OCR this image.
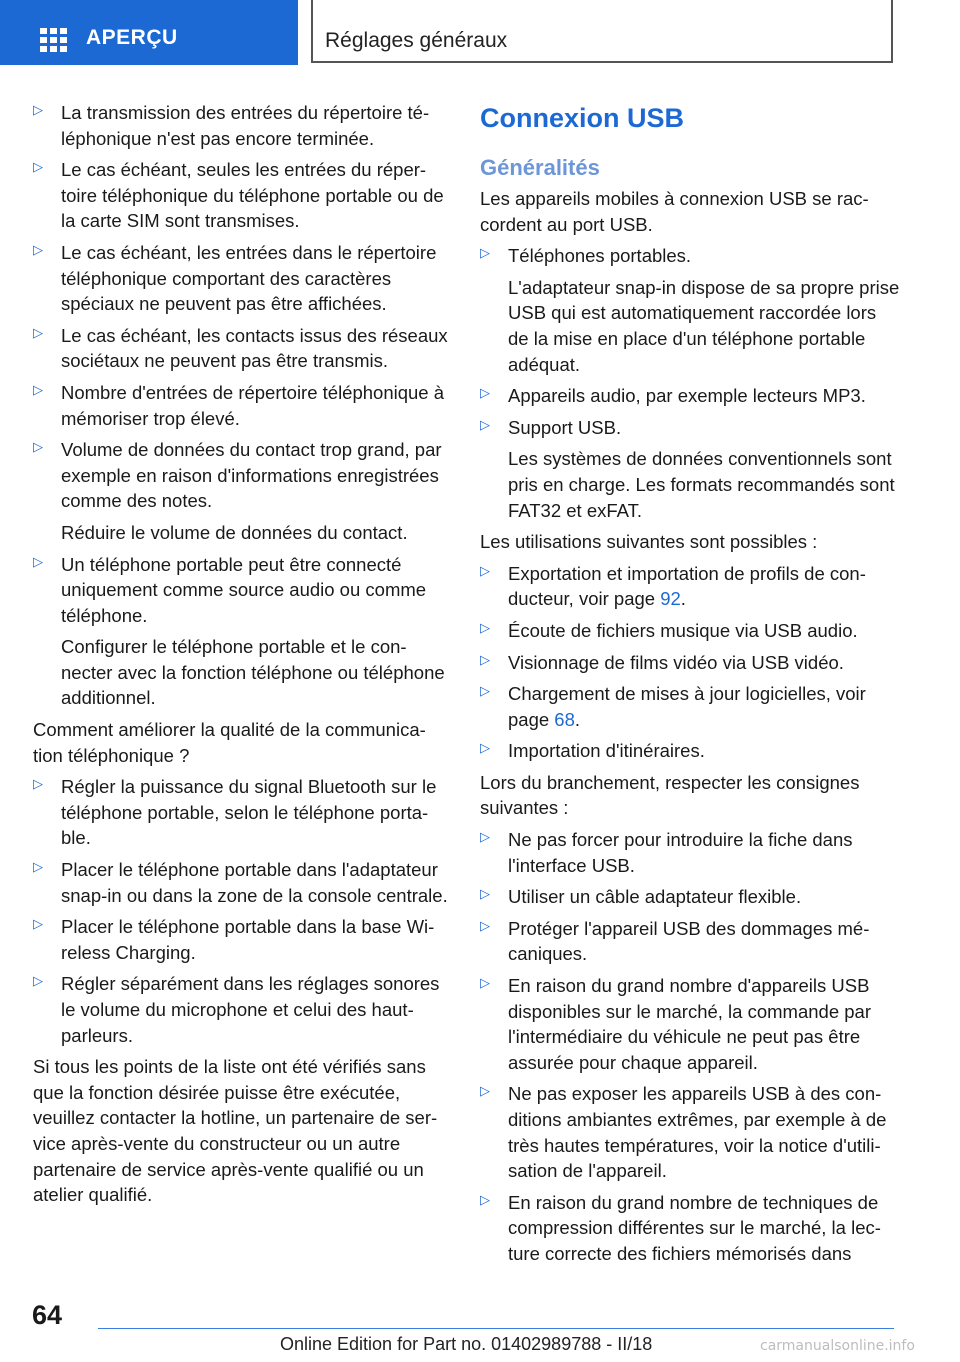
APERÇU	Réglages généraux
▷ La transmission des entrées du répertoire téléphonique n'est pas encore terminée.
▷ Le cas échéant, seules les entrées du répertoire téléphonique du téléphone portable ou de la carte SIM sont transmises.
▷ Le cas échéant, les entrées dans le répertoire téléphonique comportant des caractères spéciaux ne peuvent pas être affichées.
▷ Le cas échéant, les contacts issus des réseaux sociétaux ne peuvent pas être transmis.
▷ Nombre d'entrées de répertoire téléphonique à mémoriser trop élevé.
▷ Volume de données du contact trop grand, par exemple en raison d'informations enregistrées comme des notes.
Réduire le volume de données du contact.
▷ Un téléphone portable peut être connecté uniquement comme source audio ou comme téléphone.
Configurer le téléphone portable et le connecter avec la fonction téléphone ou téléphone additionnel.
Comment améliorer la qualité de la communication téléphonique ?
▷ Régler la puissance du signal Bluetooth sur le téléphone portable, selon le téléphone portable.
▷ Placer le téléphone portable dans l'adaptateur snap-in ou dans la zone de la console centrale.
▷ Placer le téléphone portable dans la base Wireless Charging.
▷ Régler séparément dans les réglages sonores le volume du microphone et celui des haut-parleurs.
Si tous les points de la liste ont été vérifiés sans que la fonction désirée puisse être exécutée, veuillez contacter la hotline, un partenaire de service après-vente du constructeur ou un autre partenaire de service après-vente qualifié ou un atelier qualifié.
Connexion USB
Généralités
Les appareils mobiles à connexion USB se raccordent au port USB.
▷ Téléphones portables.
L'adaptateur snap-in dispose de sa propre prise USB qui est automatiquement raccordée lors de la mise en place d'un téléphone portable adéquat.
▷ Appareils audio, par exemple lecteurs MP3.
▷ Support USB.
Les systèmes de données conventionnels sont pris en charge. Les formats recommandés sont FAT32 et exFAT.
Les utilisations suivantes sont possibles :
▷ Exportation et importation de profils de conducteur, voir page 92.
▷ Écoute de fichiers musique via USB audio.
▷ Visionnage de films vidéo via USB vidéo.
▷ Chargement de mises à jour logicielles, voir page 68.
▷ Importation d'itinéraires.
Lors du branchement, respecter les consignes suivantes :
▷ Ne pas forcer pour introduire la fiche dans l'interface USB.
▷ Utiliser un câble adaptateur flexible.
▷ Protéger l'appareil USB des dommages mécaniques.
▷ En raison du grand nombre d'appareils USB disponibles sur le marché, la commande par l'intermédiaire du véhicule ne peut pas être assurée pour chaque appareil.
▷ Ne pas exposer les appareils USB à des conditions ambiantes extrêmes, par exemple à de très hautes températures, voir la notice d'utilisation de l'appareil.
▷ En raison du grand nombre de techniques de compression différentes sur le marché, la lecture correcte des fichiers mémorisés dans
64
Online Edition for Part no. 01402989788 - II/18	carmanualsonline.info
